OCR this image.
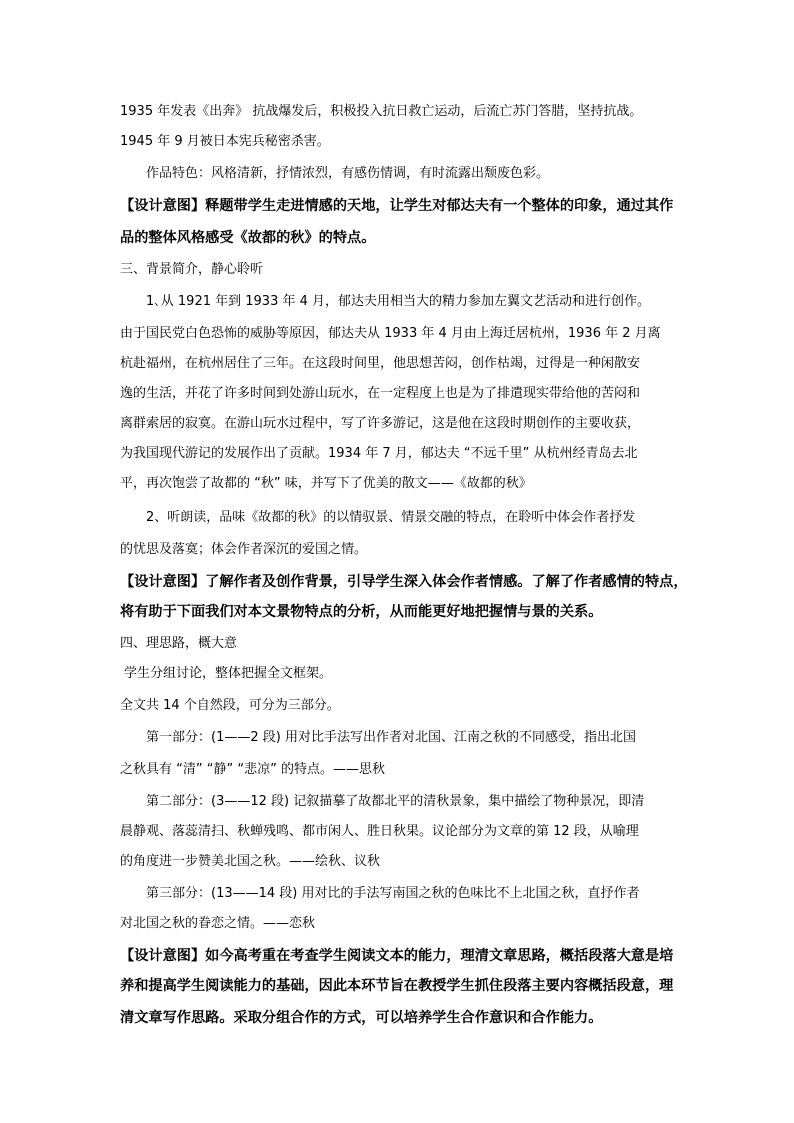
1935 年发表《出奔》 抗战爆发后，积极投入抗日救亡运动，后流亡苏门答腊，坚持抗战。
1945 年 9 月被日本宪兵秘密杀害。
作品特色：风格清新，抒情浓烈，有感伤情调，有时流露出颓废色彩。
【设计意图】释题带学生走进情感的天地，让学生对郁达夫有一个整体的印象，通过其作
品的整体风格感受《故都的秋》的特点。
三、背景简介，静心聆听
1､从 1921 年到 1933 年 4 月，郁达夫用相当大的精力参加左翼文艺活动和进行创作。
由于国民党白色恐怖的威胁等原因，郁达夫从 1933 年 4 月由上海迁居杭州，1936 年 2 月离
杭赴福州，在杭州居住了三年。在这段时间里，他思想苦闷，创作枯竭，过得是一种闲散安
逸的生活，并花了许多时间到处游山玩水，在一定程度上也是为了排遣现实带给他的苦闷和
离群索居的寂寞。在游山玩水过程中，写了许多游记，这是他在这段时期创作的主要收获，
为我国现代游记的发展作出了贡献。1934 年 7 月，郁达夫 “不远千里” 从杭州经青岛去北
平，再次饱尝了故都的 “秋” 味，并写下了优美的散文——《故都的秋》
2、听朗读，品味《故都的秋》的以情驭景、情景交融的特点，在聆听中体会作者抒发
的忧思及落寞；体会作者深沉的爱国之情。
【设计意图】了解作者及创作背景，引导学生深入体会作者情感。了解了作者感情的特点，
将有助于下面我们对本文景物特点的分析，从而能更好地把握情与景的关系。
四、理思路，概大意
学生分组讨论，整体把握全文框架。
全文共 14 个自然段，可分为三部分。
第一部分：(1——2 段) 用对比手法写出作者对北国、江南之秋的不同感受，指出北国
之秋具有 “清” “静” “悲凉” 的特点。——思秋
第二部分：(3——12 段) 记叙描摹了故都北平的清秋景象，集中描绘了物种景况，即清
晨静观、落蕊清扫、秋蝉残鸣、都市闲人、胜日秋果。议论部分为文章的第 12 段，从喻理
的角度进一步赞美北国之秋。——绘秋、议秋
第三部分：(13——14 段) 用对比的手法写南国之秋的色味比不上北国之秋，直抒作者
对北国之秋的眷恋之情。——恋秋
【设计意图】如今高考重在考查学生阅读文本的能力，理清文章思路，概括段落大意是培
养和提高学生阅读能力的基础，因此本环节旨在教授学生抓住段落主要内容概括段意，理
清文章写作思路。采取分组合作的方式，可以培养学生合作意识和合作能力。
